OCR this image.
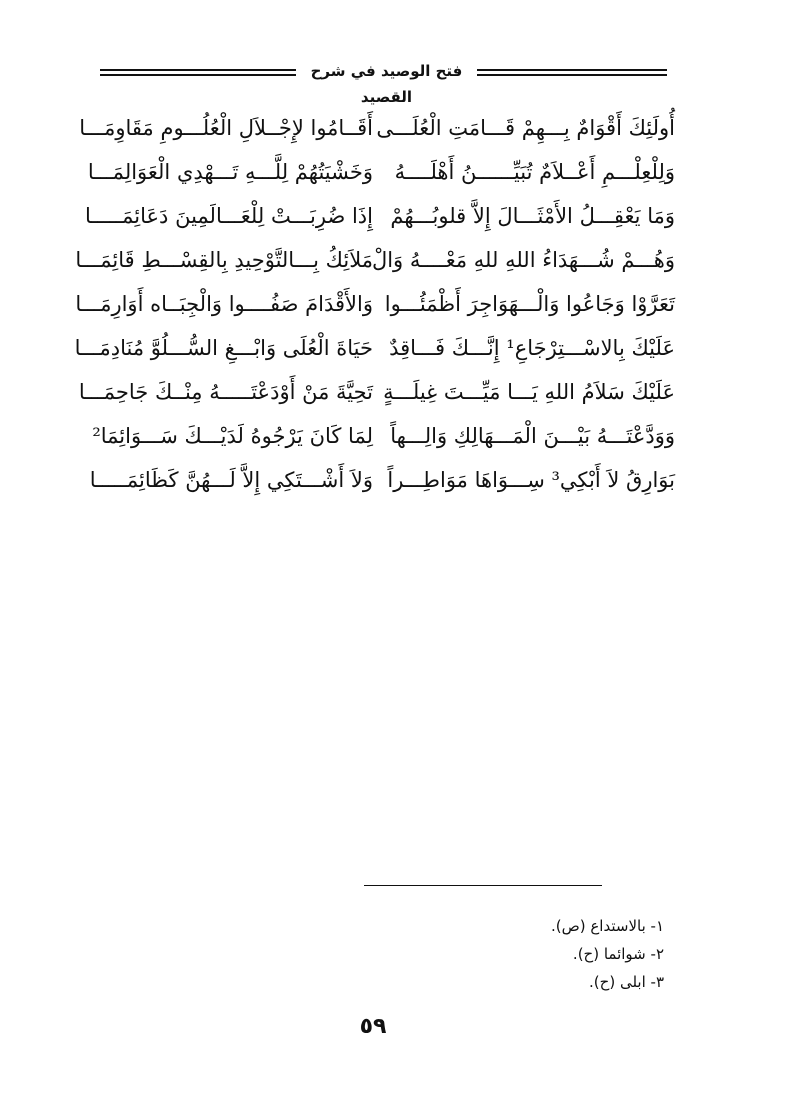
فتح الوصيد في شرح القصيد
أُولَئِكَ أَقْوَامٌ بِـــهِمْ قَـــامَتِ الْعُلَـــى
أَقَــامُوا لإِجْــلاَلِ الْعُلُـــومِ مَقَاوِمَـــا
وَلِلْعِلْـــمِ أَعْــلاَمٌ تُبَيِّــــــنُ أَهْلَــــهُ
وَخَشْيَتُهُمْ لِلَّـــهِ تَـــهْدِي الْعَوَالِمَـــا
وَمَا يَعْقِـــلُ الأَمْثَـــالَ إِلاَّ قلوبُـــهُمْ
إِذَا ضُرِبَـــتْ لِلْعَـــالَمِينَ دَعَائِمَـــــا
وَهُـــمْ شُـــهَدَاءُ اللهِ للهِ مَعْــــهُ وَالْ
مَلاَئِكُ بِـــالتَّوْحِيدِ بِالقِسْـــطِ قَائِمَـــا
تَعَرَّوْا وَجَاعُوا وَالْـــهَوَاجِرَ أَظْمَئُـــوا
وَالأَقْدَامَ صَفُــــوا وَالْجِبَــاه أَوَارِمَـــا
عَلَيْكَ بِالاسْـــتِرْجَاعِ¹ إِنَّـــكَ فَـــاقِدٌ
حَيَاةَ الْعُلَى وَابْـــغِ السُّـــلُوَّ مُنَادِمَـــا
عَلَيْكَ سَلاَمُ اللهِ يَـــا مَيِّـــتَ غِيلَـــةٍ
تَحِيَّةَ مَنْ أَوْدَعْتَـــــهُ مِنْــكَ جَاحِمَـــا
وَوَدَّعْتَـــهُ بَيْـــنَ الْمَـــهَالِكِ وَالِـــهاً
لِمَا كَانَ يَرْجُوهُ لَدَيْـــكَ سَـــوَائِمَا²
بَوَارِقُ لاَ أَبْكِي³ سِـــوَاهَا مَوَاطِـــراً
وَلاَ أَشْـــتَكِي إِلاَّ لَـــهُنَّ كَظَائِمَـــــا
١- بالاستداع (ص).
٢- شوائما (ح).
٣- ابلى (ح).
٥٩
